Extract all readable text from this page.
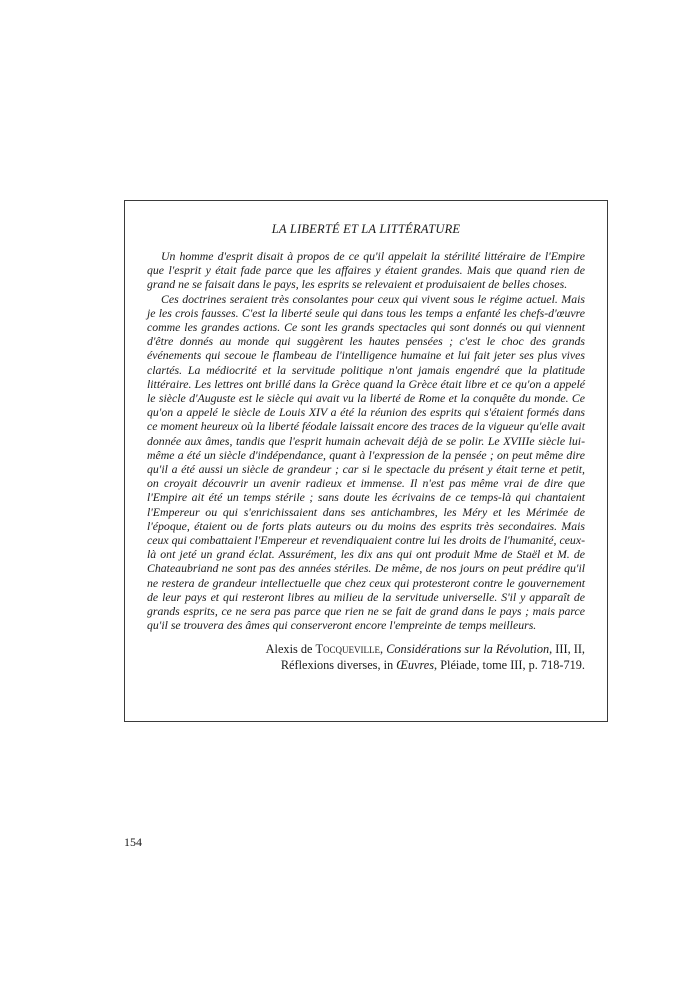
LA LIBERTÉ ET LA LITTÉRATURE

Un homme d'esprit disait à propos de ce qu'il appelait la stérilité littéraire de l'Empire que l'esprit y était fade parce que les affaires y étaient grandes. Mais que quand rien de grand ne se faisait dans le pays, les esprits se relevaient et produisaient de belles choses.

Ces doctrines seraient très consolantes pour ceux qui vivent sous le régime actuel. Mais je les crois fausses. C'est la liberté seule qui dans tous les temps a enfanté les chefs-d'œuvre comme les grandes actions. Ce sont les grands spectacles qui sont donnés ou qui viennent d'être donnés au monde qui suggèrent les hautes pensées ; c'est le choc des grands événements qui secoue le flambeau de l'intelligence humaine et lui fait jeter ses plus vives clartés. La médiocrité et la servitude politique n'ont jamais engendré que la platitude littéraire. Les lettres ont brillé dans la Grèce quand la Grèce était libre et ce qu'on a appelé le siècle d'Auguste est le siècle qui avait vu la liberté de Rome et la conquête du monde. Ce qu'on a appelé le siècle de Louis XIV a été la réunion des esprits qui s'étaient formés dans ce moment heureux où la liberté féodale laissait encore des traces de la vigueur qu'elle avait donnée aux âmes, tandis que l'esprit humain achevait déjà de se polir. Le XVIIIe siècle lui-même a été un siècle d'indépendance, quant à l'expression de la pensée ; on peut même dire qu'il a été aussi un siècle de grandeur ; car si le spectacle du présent y était terne et petit, on croyait découvrir un avenir radieux et immense. Il n'est pas même vrai de dire que l'Empire ait été un temps stérile ; sans doute les écrivains de ce temps-là qui chantaient l'Empereur ou qui s'enrichissaient dans ses antichambres, les Méry et les Mérimée de l'époque, étaient ou de forts plats auteurs ou du moins des esprits très secondaires. Mais ceux qui combattaient l'Empereur et revendiquaient contre lui les droits de l'humanité, ceux-là ont jeté un grand éclat. Assurément, les dix ans qui ont produit Mme de Staël et M. de Chateaubriand ne sont pas des années stériles. De même, de nos jours on peut prédire qu'il ne restera de grandeur intellectuelle que chez ceux qui protesteront contre le gouvernement de leur pays et qui resteront libres au milieu de la servitude universelle. S'il y apparaît de grands esprits, ce ne sera pas parce que rien ne se fait de grand dans le pays ; mais parce qu'il se trouvera des âmes qui conserveront encore l'empreinte de temps meilleurs.

Alexis de Tocqueville, Considérations sur la Révolution, III, II,
Réflexions diverses, in Œuvres, Pléiade, tome III, p. 718-719.
154
